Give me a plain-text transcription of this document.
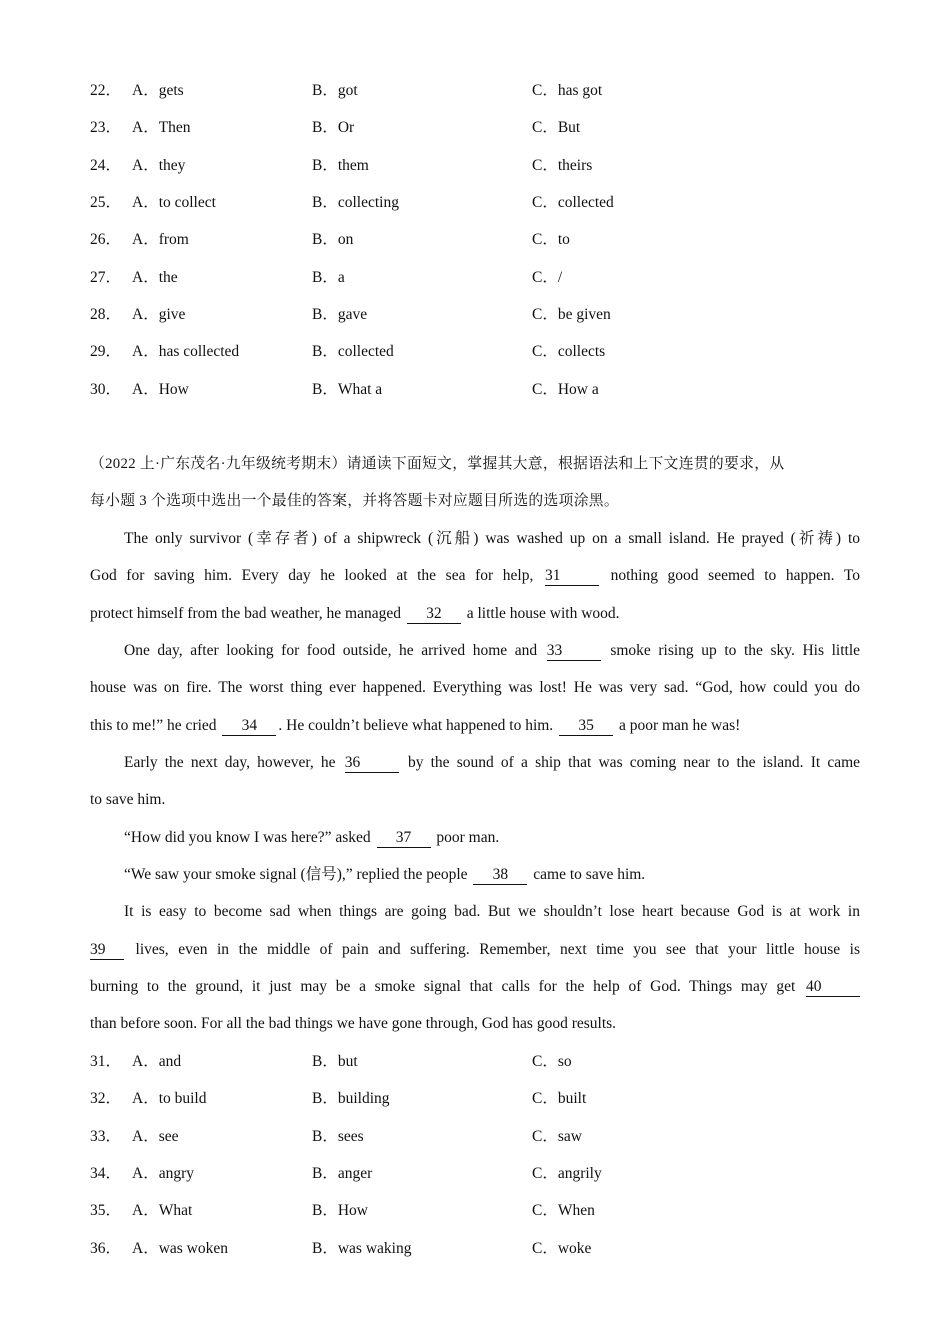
22． A．gets	B．got	C．has got
23． A．Then	B．Or	C．But
24． A．they	B．them	C．theirs
25． A．to collect	B．collecting	C．collected
26． A．from	B．on	C．to
27． A．the	B．a	C．/
28． A．give	B．gave	C．be given
29． A．has collected	B．collected	C．collects
30． A．How	B．What a	C．How a
（2022 上·广东茂名·九年级统考期末）请通读下面短文，掌握其大意，根据语法和上下文连贯的要求，从
每小题 3 个选项中选出一个最佳的答案，并将答题卡对应题目所选的选项涂黑。
The only survivor (幸存者) of a shipwreck (沉船) was washed up on a small island. He prayed (祈祷) to
God for saving him. Every day he looked at the sea for help, 31	nothing good seemed to happen. To
protect himself from the bad weather, he managed 32 a little house with wood.
One day, after looking for food outside, he arrived home and 33	smoke rising up to the sky. His little
house was on fire. The worst thing ever happened. Everything was lost! He was very sad. “God, how could you do
this to me!” he cried 34 . He couldn’t believe what happened to him. 35 a poor man he was!
Early the next day, however, he 36	by the sound of a ship that was coming near to the island. It came
to save him.
“How did you know I was here?” asked 37 poor man.
“We saw your smoke signal (信号),” replied the people 38 came to save him.
It is easy to become sad when things are going bad. But we shouldn’t lose heart because God is at work in
39 lives, even in the middle of pain and suffering. Remember, next time you see that your little house is
burning to the ground, it just may be a smoke signal that calls for the help of God. Things may get 40
than before soon. For all the bad things we have gone through, God has good results.
31． A．and	B．but	C．so
32． A．to build	B．building	C．built
33． A．see	B．sees	C．saw
34． A．angry	B．anger	C．angrily
35． A．What	B．How	C．When
36． A．was woken	B．was waking	C．woke
